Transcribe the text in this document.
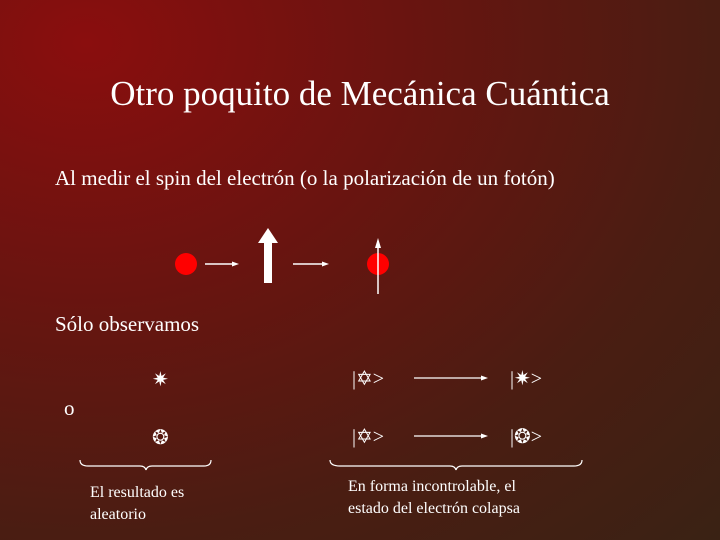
Otro poquito de Mecánica Cuántica
Al medir el spin del electrón (o la polarización de un fotón)
Sólo observamos
o
✷
❂
|✡>	|✷>
|✡>	|❂>
El resultado es
aleatorio
En forma incontrolable, el
estado del electrón colapsa
